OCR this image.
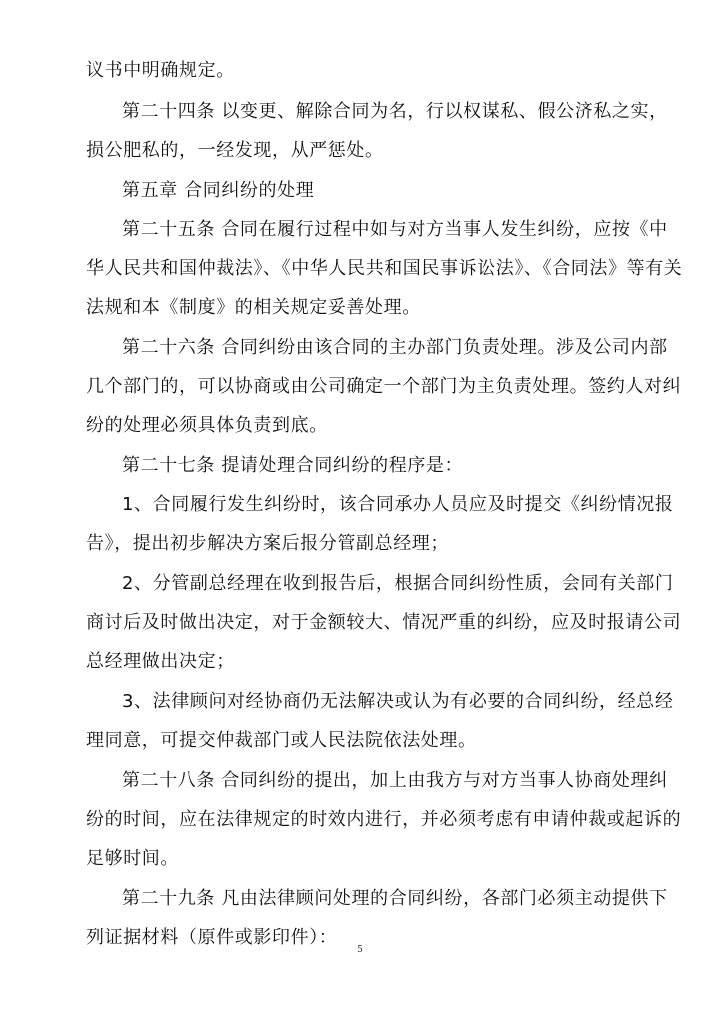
议书中明确规定。
第二十四条 以变更、解除合同为名，行以权谋私、假公济私之实，
损公肥私的，一经发现，从严惩处。
第五章 合同纠纷的处理
第二十五条 合同在履行过程中如与对方当事人发生纠纷，应按《中
华人民共和国仲裁法》、《中华人民共和国民事诉讼法》、《合同法》等有关
法规和本《制度》的相关规定妥善处理。
第二十六条 合同纠纷由该合同的主办部门负责处理。涉及公司内部
几个部门的，可以协商或由公司确定一个部门为主负责处理。签约人对纠
纷的处理必须具体负责到底。
第二十七条 提请处理合同纠纷的程序是：
1、合同履行发生纠纷时，该合同承办人员应及时提交《纠纷情况报
告》，提出初步解决方案后报分管副总经理；
2、分管副总经理在收到报告后，根据合同纠纷性质，会同有关部门
商讨后及时做出决定，对于金额较大、情况严重的纠纷，应及时报请公司
总经理做出决定；
3、法律顾问对经协商仍无法解决或认为有必要的合同纠纷，经总经
理同意，可提交仲裁部门或人民法院依法处理。
第二十八条 合同纠纷的提出，加上由我方与对方当事人协商处理纠
纷的时间，应在法律规定的时效内进行，并必须考虑有申请仲裁或起诉的
足够时间。
第二十九条 凡由法律顾问处理的合同纠纷，各部门必须主动提供下
列证据材料（原件或影印件）：
5
